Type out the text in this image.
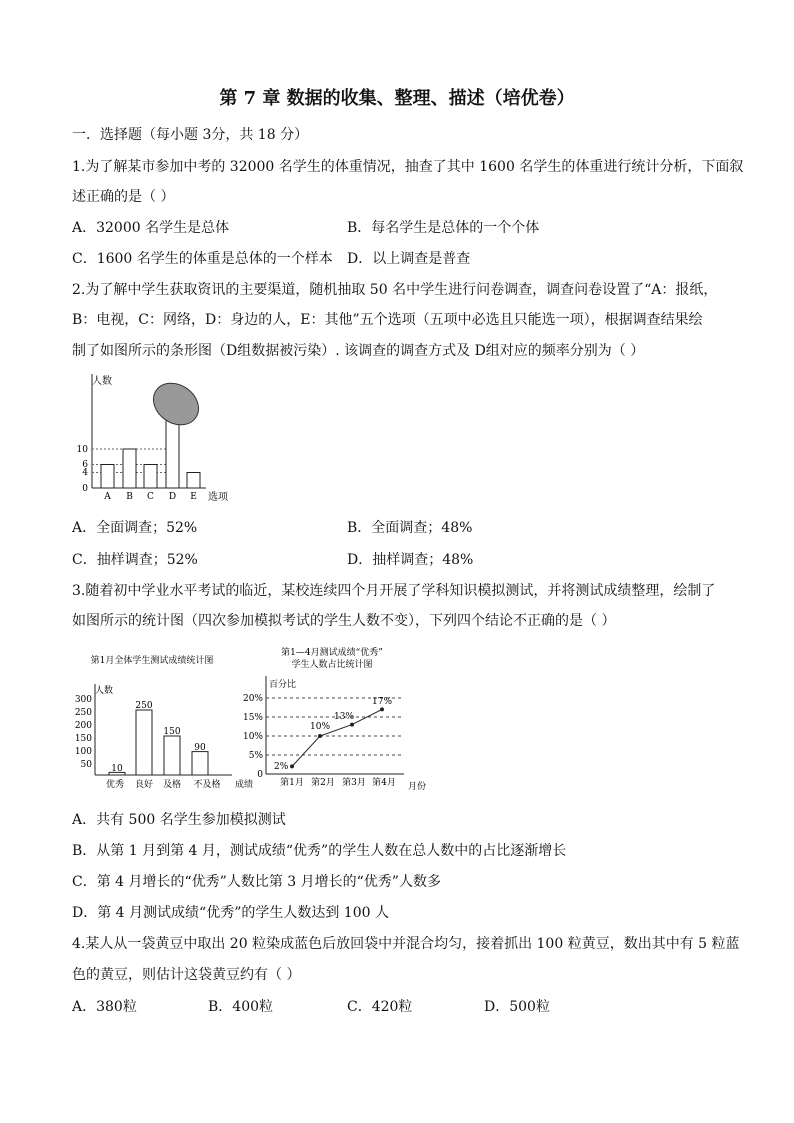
第 7 章 数据的收集、整理、描述（培优卷）
一．选择题（每小题 3分，共 18 分）
1.为了解某市参加中考的 32000 名学生的体重情况，抽查了其中 1600 名学生的体重进行统计分析，下面叙
述正确的是（ ）
A．32000 名学生是总体	B．每名学生是总体的一个个体
C．1600 名学生的体重是总体的一个样本 D．以上调查是普查
2.为了解中学生获取资讯的主要渠道，随机抽取 50 名中学生进行问卷调查，调查问卷设置了“A：报纸，
B：电视，C：网络，D：身边的人，E：其他”五个选项（五项中必选且只能选一项），根据调查结果绘
制了如图所示的条形图（D组数据被污染）. 该调查的调查方式及 D组对应的频率分别为（ ）
人数
10
6
4
0
A B C D E 选项
A．全面调查；52%	B．全面调查；48%
C．抽样调查；52%	D．抽样调查；48%
3.随着初中学业水平考试的临近，某校连续四个月开展了学科知识模拟测试，并将测试成绩整理，绘制了
如图所示的统计图（四次参加模拟考试的学生人数不变），下列四个结论不正确的是（ ）
第1月全体学生测试成绩统计图
人数
300
250
200
150
100
50 10
250
150
90
优秀 良好 及格 不及格 成绩
第1—4月测试成绩“优秀”
学生人数占比统计图
百分比
20%
15%
10%
5%
0
2%
10%
13%
17%
第1月 第2月 第3月 第4月 月份
A．共有 500 名学生参加模拟测试
B．从第 1 月到第 4 月，测试成绩“优秀”的学生人数在总人数中的占比逐渐增长
C．第 4 月增长的“优秀”人数比第 3 月增长的“优秀”人数多
D．第 4 月测试成绩“优秀”的学生人数达到 100 人
4.某人从一袋黄豆中取出 20 粒染成蓝色后放回袋中并混合均匀，接着抓出 100 粒黄豆，数出其中有 5 粒蓝
色的黄豆，则估计这袋黄豆约有（ ）
A．380粒	B．400粒	C．420粒	D．500粒
